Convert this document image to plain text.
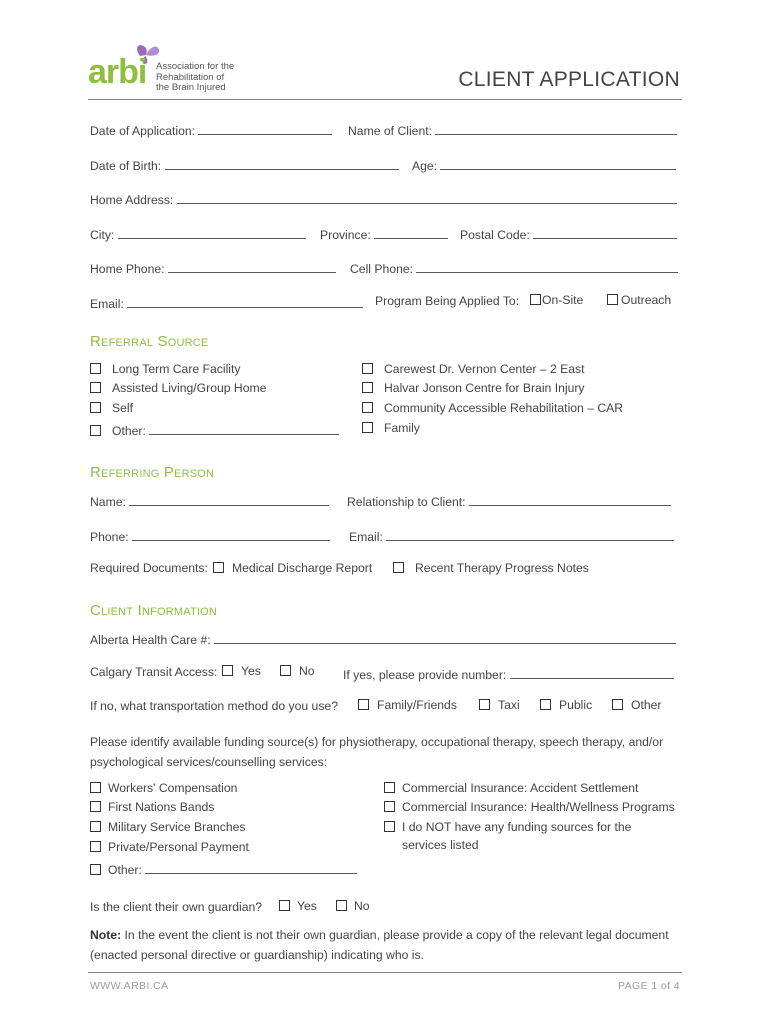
arbi Association for the
Rehabilitation of
the Brain Injured	CLIENT APPLICATION
Date of Application:	Name of Client:
Date of Birth:	Age:
Home Address:
City:	Province:	Postal Code:
Home Phone:	Cell Phone:
Email:	Program Being Applied To:	On-Site	Outreach
Referral Source
Long Term Care Facility
Assisted Living/Group Home
Self
Other:
Carewest Dr. Vernon Center – 2 East
Halvar Jonson Centre for Brain Injury
Community Accessible Rehabilitation – CAR
Family
Referring Person
Name:	Relationship to Client:
Phone:	Email:
Required Documents:	Medical Discharge Report	Recent Therapy Progress Notes
Client Information
Alberta Health Care #:
Calgary Transit Access:	Yes	No If yes, please provide number:
If no, what transportation method do you use?	Family/Friends	Taxi	Public	Other
Please identify available funding source(s) for physiotherapy, occupational therapy, speech therapy, and/or psychological services/counselling services:
Workers' Compensation
First Nations Bands
Military Service Branches
Private/Personal Payment
Other:
Commercial Insurance: Accident Settlement
Commercial Insurance: Health/Wellness Programs
I do NOT have any funding sources for the
services listed
Is the client their own guardian?	Yes	No
Note: In the event the client is not their own guardian, please provide a copy of the relevant legal document (enacted personal directive or guardianship) indicating who is.
WWW.ARBI.CA	PAGE 1 of 4
